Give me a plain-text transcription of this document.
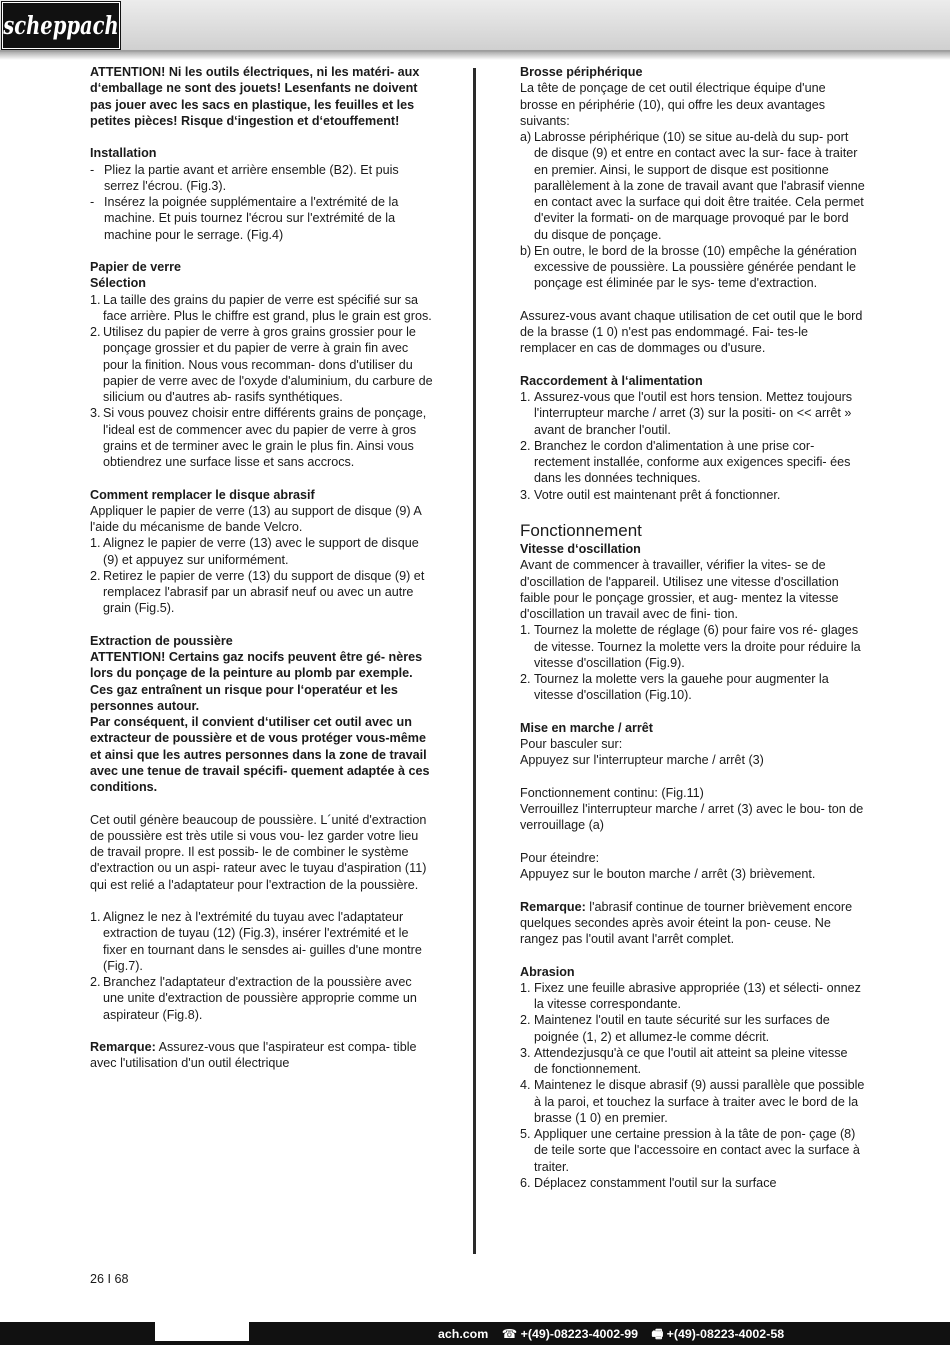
scheppach

ATTENTION! Ni les outils électriques, ni les matéri- aux d‘emballage ne sont des jouets! Lesenfants ne doivent pas jouer avec les sacs en plastique, les feuilles et les petites pièces! Risque d‘ingestion et d‘etouffement!

Installation

- Pliez la partie avant et arrière ensemble (B2). Et puis serrez l'écrou. (Fig.3).
- Insérez la poignée supplémentaire a l'extrémité de la machine. Et puis tournez l'écrou sur l'extrémité de la machine pour le serrage. (Fig.4)

Papier de verre

Sélection

1. La taille des grains du papier de verre est spécifié sur sa face arrière. Plus le chiffre est grand, plus le grain est gros.
2. Utilisez du papier de verre à gros grains grossier pour le ponçage grossier et du papier de verre à grain fin avec pour la finition. Nous vous recomman- dons d'utiliser du papier de verre avec de l'oxyde d'aluminium, du carbure de silicium ou d'autres ab- rasifs synthétiques.
3. Si vous pouvez choisir entre différents grains de ponçage, l'ideal est de commencer avec du papier de verre à gros grains et de terminer avec le grain le plus fin. Ainsi vous obtiendrez une surface lisse et sans accrocs.

Comment remplacer le disque abrasif

Appliquer le papier de verre (13) au support de disque (9) A l'aide du mécanisme de bande Velcro.

1. Alignez le papier de verre (13) avec le support de disque (9) et appuyez sur uniformément.
2. Retirez le papier de verre (13) du support de disque (9) et remplacez l'abrasif par un abrasif neuf ou avec un autre grain (Fig.5).

Extraction de poussière

ATTENTION! Certains gaz nocifs peuvent être gé- nères lors du ponçage de la peinture au plomb par exemple. Ces gaz entraînent un risque pour l‘operatéur et les personnes autour.

Par conséquent, il convient d‘utiliser cet outil avec un extracteur de poussière et de vous protéger vous-même et ainsi que les autres personnes dans la zone de travail avec une tenue de travail spécifi- quement adaptée à ces conditions.

Cet outil génère beaucoup de poussière. L´unité d'extraction de poussière est très utile si vous vou- lez garder votre lieu de travail propre. Il est possib- le de combiner le système d'extraction ou un aspi- rateur avec le tuyau d'aspiration (11) qui est relié a l'adaptateur pour l'extraction de la poussière.

1. Alignez le nez à l'extrémité du tuyau avec l'adaptateur extraction de tuyau (12) (Fig.3), insérer l'extrémité et le fixer en tournant dans le sensdes ai- guilles d'une montre (Fig.7).
2. Branchez l'adaptateur d'extraction de la poussière avec une unite d'extraction de poussière approprie comme un aspirateur (Fig.8).

Remarque: Assurez-vous que l'aspirateur est compa- tible avec l'utilisation d'un outil électrique

Brosse périphérique

La tête de ponçage de cet outil électrique équipe d'une brosse en périphérie (10), qui offre les deux avantages suivants:

a) Labrosse périphérique (10) se situe au-delà du sup- port de disque (9) et entre en contact avec la sur- face à traiter en premier. Ainsi, le support de disque est positionne parallèlement à la zone de travail avant que l'abrasif vienne en contact avec la surface qui doit être traitée. Cela permet d'eviter la formati- on de marquage provoqué par le bord du disque de ponçage.
b) En outre, le bord de la brosse (10) empêche la génération excessive de poussière. La poussière générée pendant le ponçage est éliminée par le sys- teme d'extraction.

Assurez-vous avant chaque utilisation de cet outil que le bord de la brasse (1 0) n'est pas endommagé. Fai- tes-le remplacer en cas de dommages ou d'usure.

Raccordement à l‘alimentation

1. Assurez-vous que l'outil est hors tension. Mettez toujours l'interrupteur marche / arret (3) sur la positi- on << arrêt » avant de brancher l'outil.
2. Branchez le cordon d'alimentation à une prise cor- rectement installée, conforme aux exigences specifi- ées dans les données techniques.
3. Votre outil est maintenant prêt á fonctionner.

Fonctionnement

Vitesse d‘oscillation

Avant de commencer à travailler, vérifier la vites- se de d'oscillation de l'appareil. Utilisez une vitesse d'oscillation faible pour le ponçage grossier, et aug- mentez la vitesse d'oscillation un travail avec de fini- tion.

1. Tournez la molette de réglage (6) pour faire vos ré- glages de vitesse. Tournez la molette vers la droite pour réduire la vitesse d'oscillation (Fig.9).
2. Tournez la molette vers la gauehe pour augmenter la vitesse d'oscillation (Fig.10).

Mise en marche / arrêt

Pour basculer sur:

Appuyez sur l'interrupteur marche / arrêt (3)

Fonctionnement continu: (Fig.11)

Verrouillez l'interrupteur marche / arret (3) avec le bou- ton de verrouillage (a)

Pour éteindre:

Appuyez sur le bouton marche / arrêt (3) brièvement.

Remarque: l'abrasif continue de tourner brièvement encore quelques secondes après avoir éteint la pon- ceuse. Ne rangez pas l'outil avant l'arrêt complet.

Abrasion

1. Fixez une feuille abrasive appropriée (13) et sélecti- onnez la vitesse correspondante.
2. Maintenez l'outil en taute sécurité sur les surfaces de poignée (1, 2) et allumez-le comme décrit.
3. Attendezjusqu'à ce que l'outil ait atteint sa pleine vitesse de fonctionnement.
4. Maintenez le disque abrasif (9) aussi parallèle que possible à la paroi, et touchez la surface à traiter avec le bord de la brasse (1 0) en premier.
5. Appliquer une certaine pression à la tâte de pon- çage (8) de teile sorte que l'accessoire en contact avec la surface à traiter.
6. Déplacez constamment l'outil sur la surface
26 I 68
ach.com ☎ +(49)-08223-4002-99 🖷 +(49)-08223-4002-58
